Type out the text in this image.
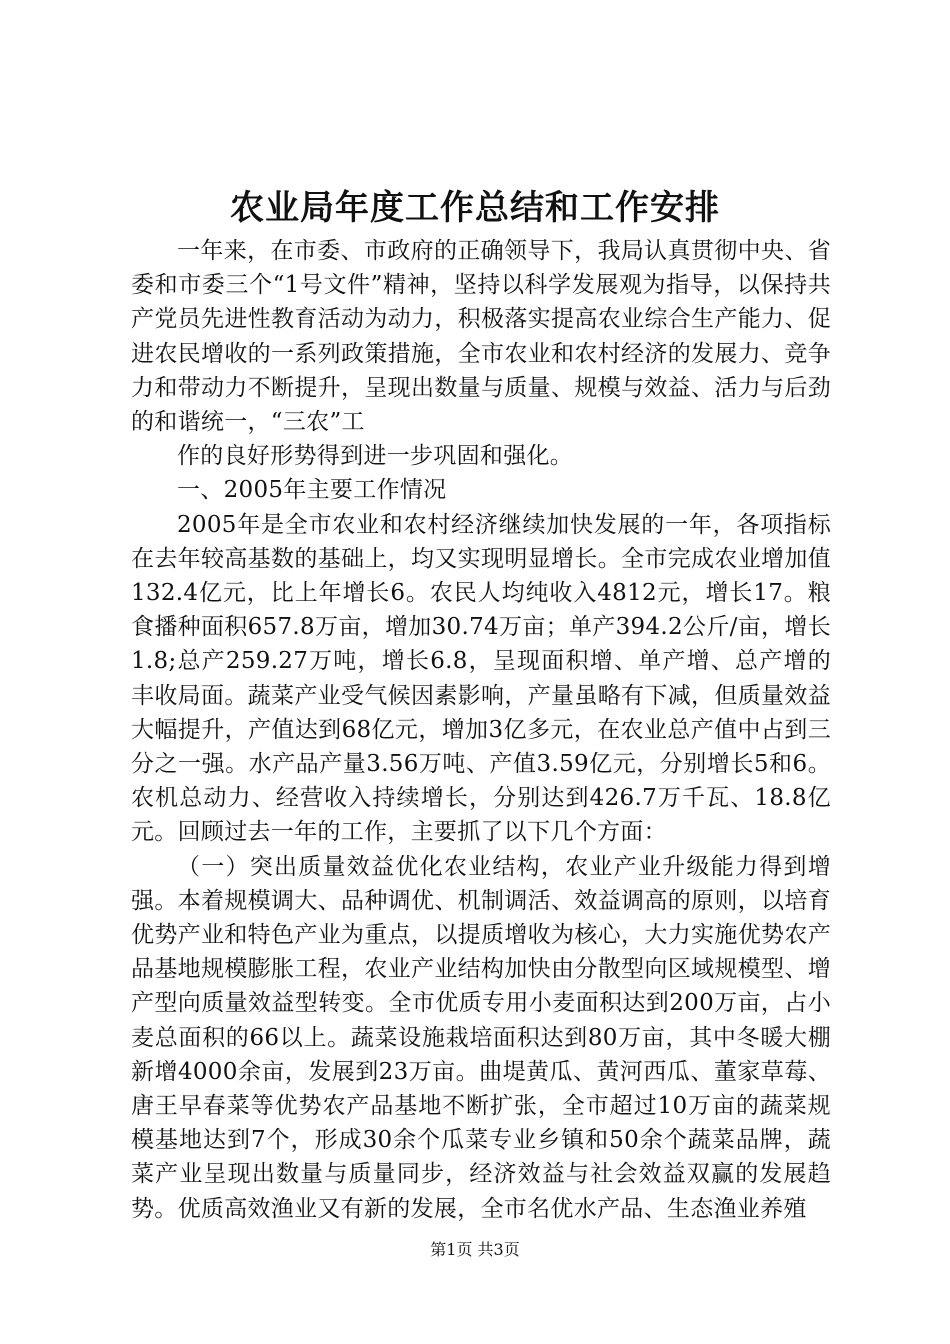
农业局年度工作总结和工作安排

一年来，在市委、市政府的正确领导下，我局认真贯彻中央、省委和市委三个“1号文件”精神，坚持以科学发展观为指导，以保持共产党员先进性教育活动为动力，积极落实提高农业综合生产能力、促进农民增收的一系列政策措施，全市农业和农村经济的发展力、竞争力和带动力不断提升，呈现出数量与质量、规模与效益、活力与后劲的和谐统一，“三农”工

作的良好形势得到进一步巩固和强化。

一、2005年主要工作情况

2005年是全市农业和农村经济继续加快发展的一年，各项指标在去年较高基数的基础上，均又实现明显增长。全市完成农业增加值132.4亿元，比上年增长6。农民人均纯收入4812元，增长17。粮食播种面积657.8万亩，增加30.74万亩；单产394.2公斤/亩，增长1.8;总产259.27万吨，增长6.8，呈现面积增、单产增、总产增的丰收局面。蔬菜产业受气候因素影响，产量虽略有下减，但质量效益大幅提升，产值达到68亿元，增加3亿多元，在农业总产值中占到三分之一强。水产品产量3.56万吨、产值3.59亿元，分别增长5和6。农机总动力、经营收入持续增长，分别达到426.7万千瓦、18.8亿元。回顾过去一年的工作，主要抓了以下几个方面：

（一）突出质量效益优化农业结构，农业产业升级能力得到增强。本着规模调大、品种调优、机制调活、效益调高的原则，以培育优势产业和特色产业为重点，以提质增收为核心，大力实施优势农产品基地规模膨胀工程，农业产业结构加快由分散型向区域规模型、增产型向质量效益型转变。全市优质专用小麦面积达到200万亩，占小麦总面积的66以上。蔬菜设施栽培面积达到80万亩，其中冬暖大棚新增4000余亩，发展到23万亩。曲堤黄瓜、黄河西瓜、董家草莓、唐王早春菜等优势农产品基地不断扩张，全市超过10万亩的蔬菜规模基地达到7个，形成30余个瓜菜专业乡镇和50余个蔬菜品牌，蔬菜产业呈现出数量与质量同步，经济效益与社会效益双赢的发展趋势。优质高效渔业又有新的发展，全市名优水产品、生态渔业养殖

第1页 共3页
